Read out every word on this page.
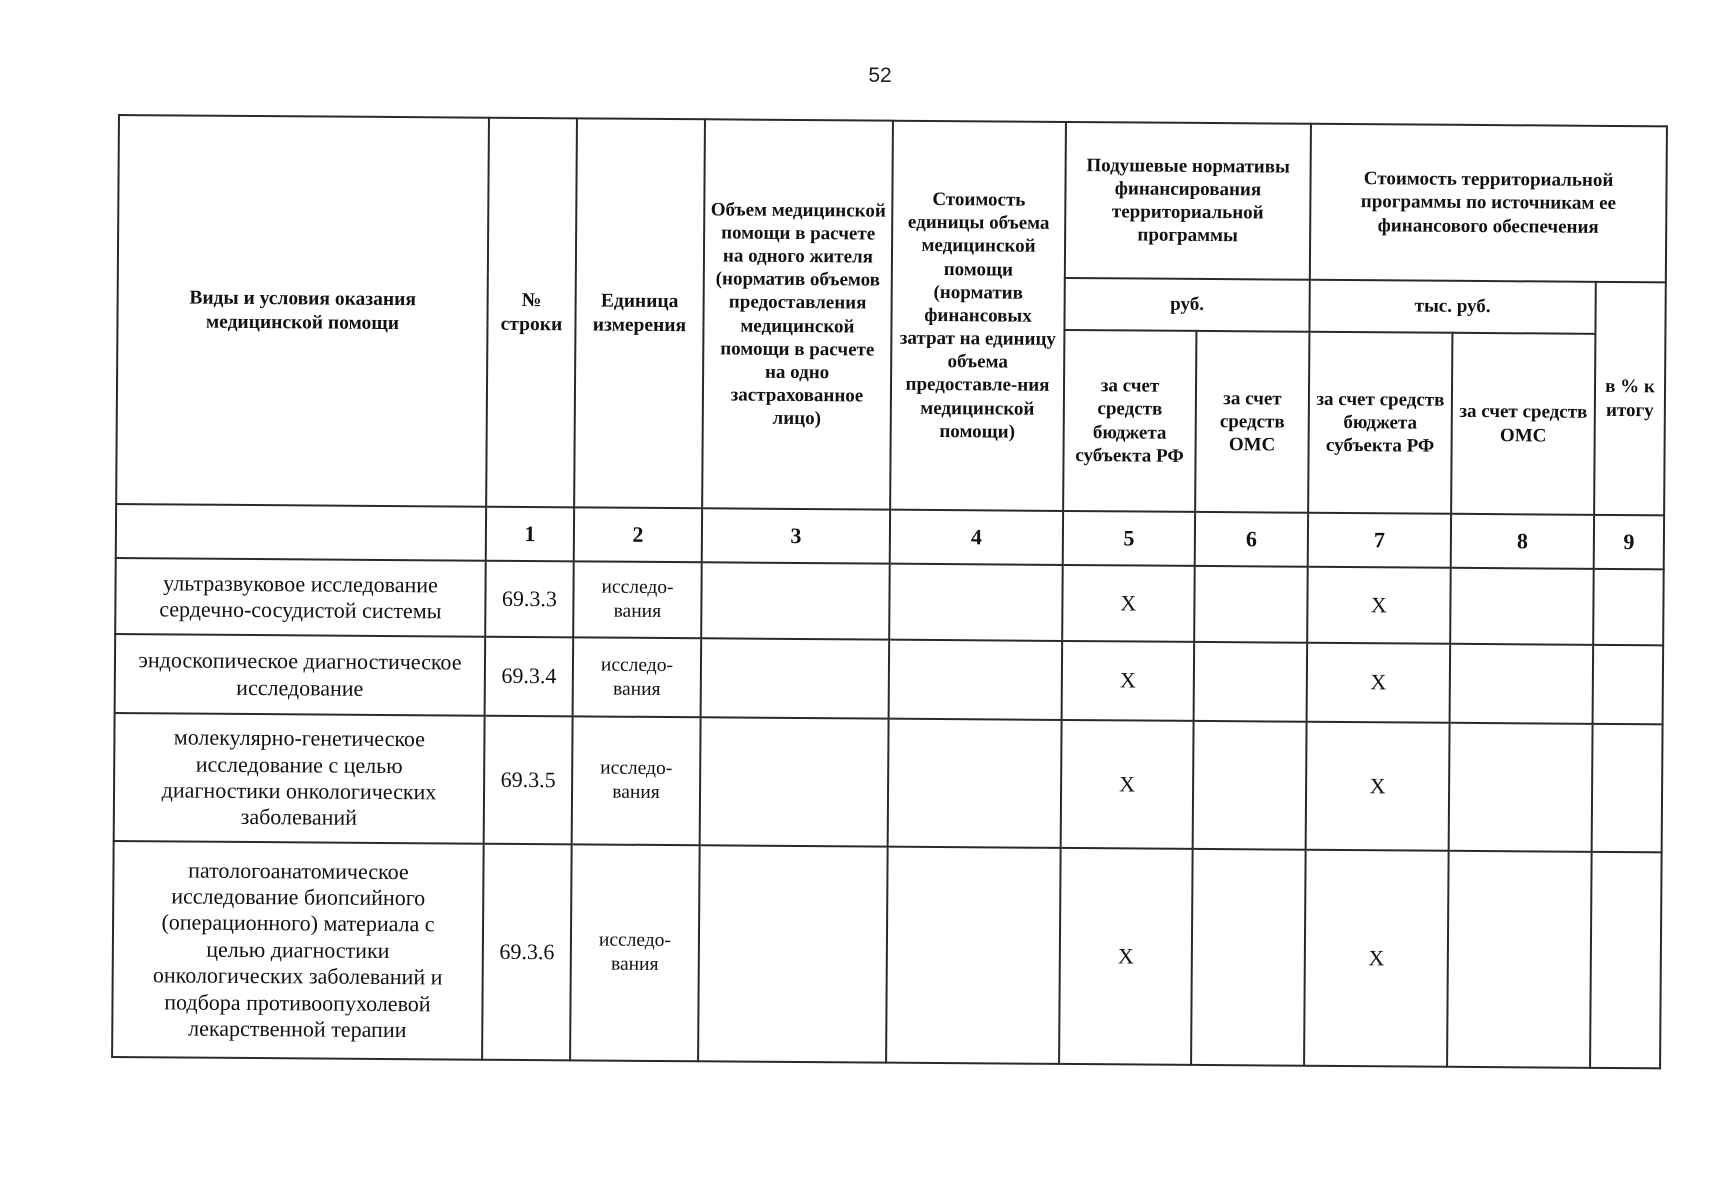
52
Виды и условия оказания медицинской помощи	№ строки	Единица измерения	Объем медицинской помощи в расчете на одного жителя (норматив объемов предоставления медицинской помощи в расчете на одно застрахованное лицо)	Стоимость единицы объема медицинской помощи (норматив финансовых затрат на единицу объема предоставле-ния медицинской помощи)	Подушевые нормативы финансирования территориальной программы		Стоимость территориальной программы по источникам ее финансового обеспечения		
					руб.		тыс. руб.		в % к итогу
					за счет средств бюджета субъекта РФ	за счет средств ОМС	за счет средств бюджета субъекта РФ	за счет средств ОМС	
	1	2	3	4	5	6	7	8	9
ультразвуковое исследование сердечно-сосудистой системы	69.3.3	исследо-вания			Х		Х		
эндоскопическое диагностическое исследование	69.3.4	исследо-вания			Х		Х		
молекулярно-генетическое исследование с целью диагностики онкологических заболеваний	69.3.5	исследо-вания			Х		Х		
патологоанатомическое исследование биопсийного (операционного) материала с целью диагностики онкологических заболеваний и подбора противоопухолевой лекарственной терапии	69.3.6	исследо-вания			Х		Х		
